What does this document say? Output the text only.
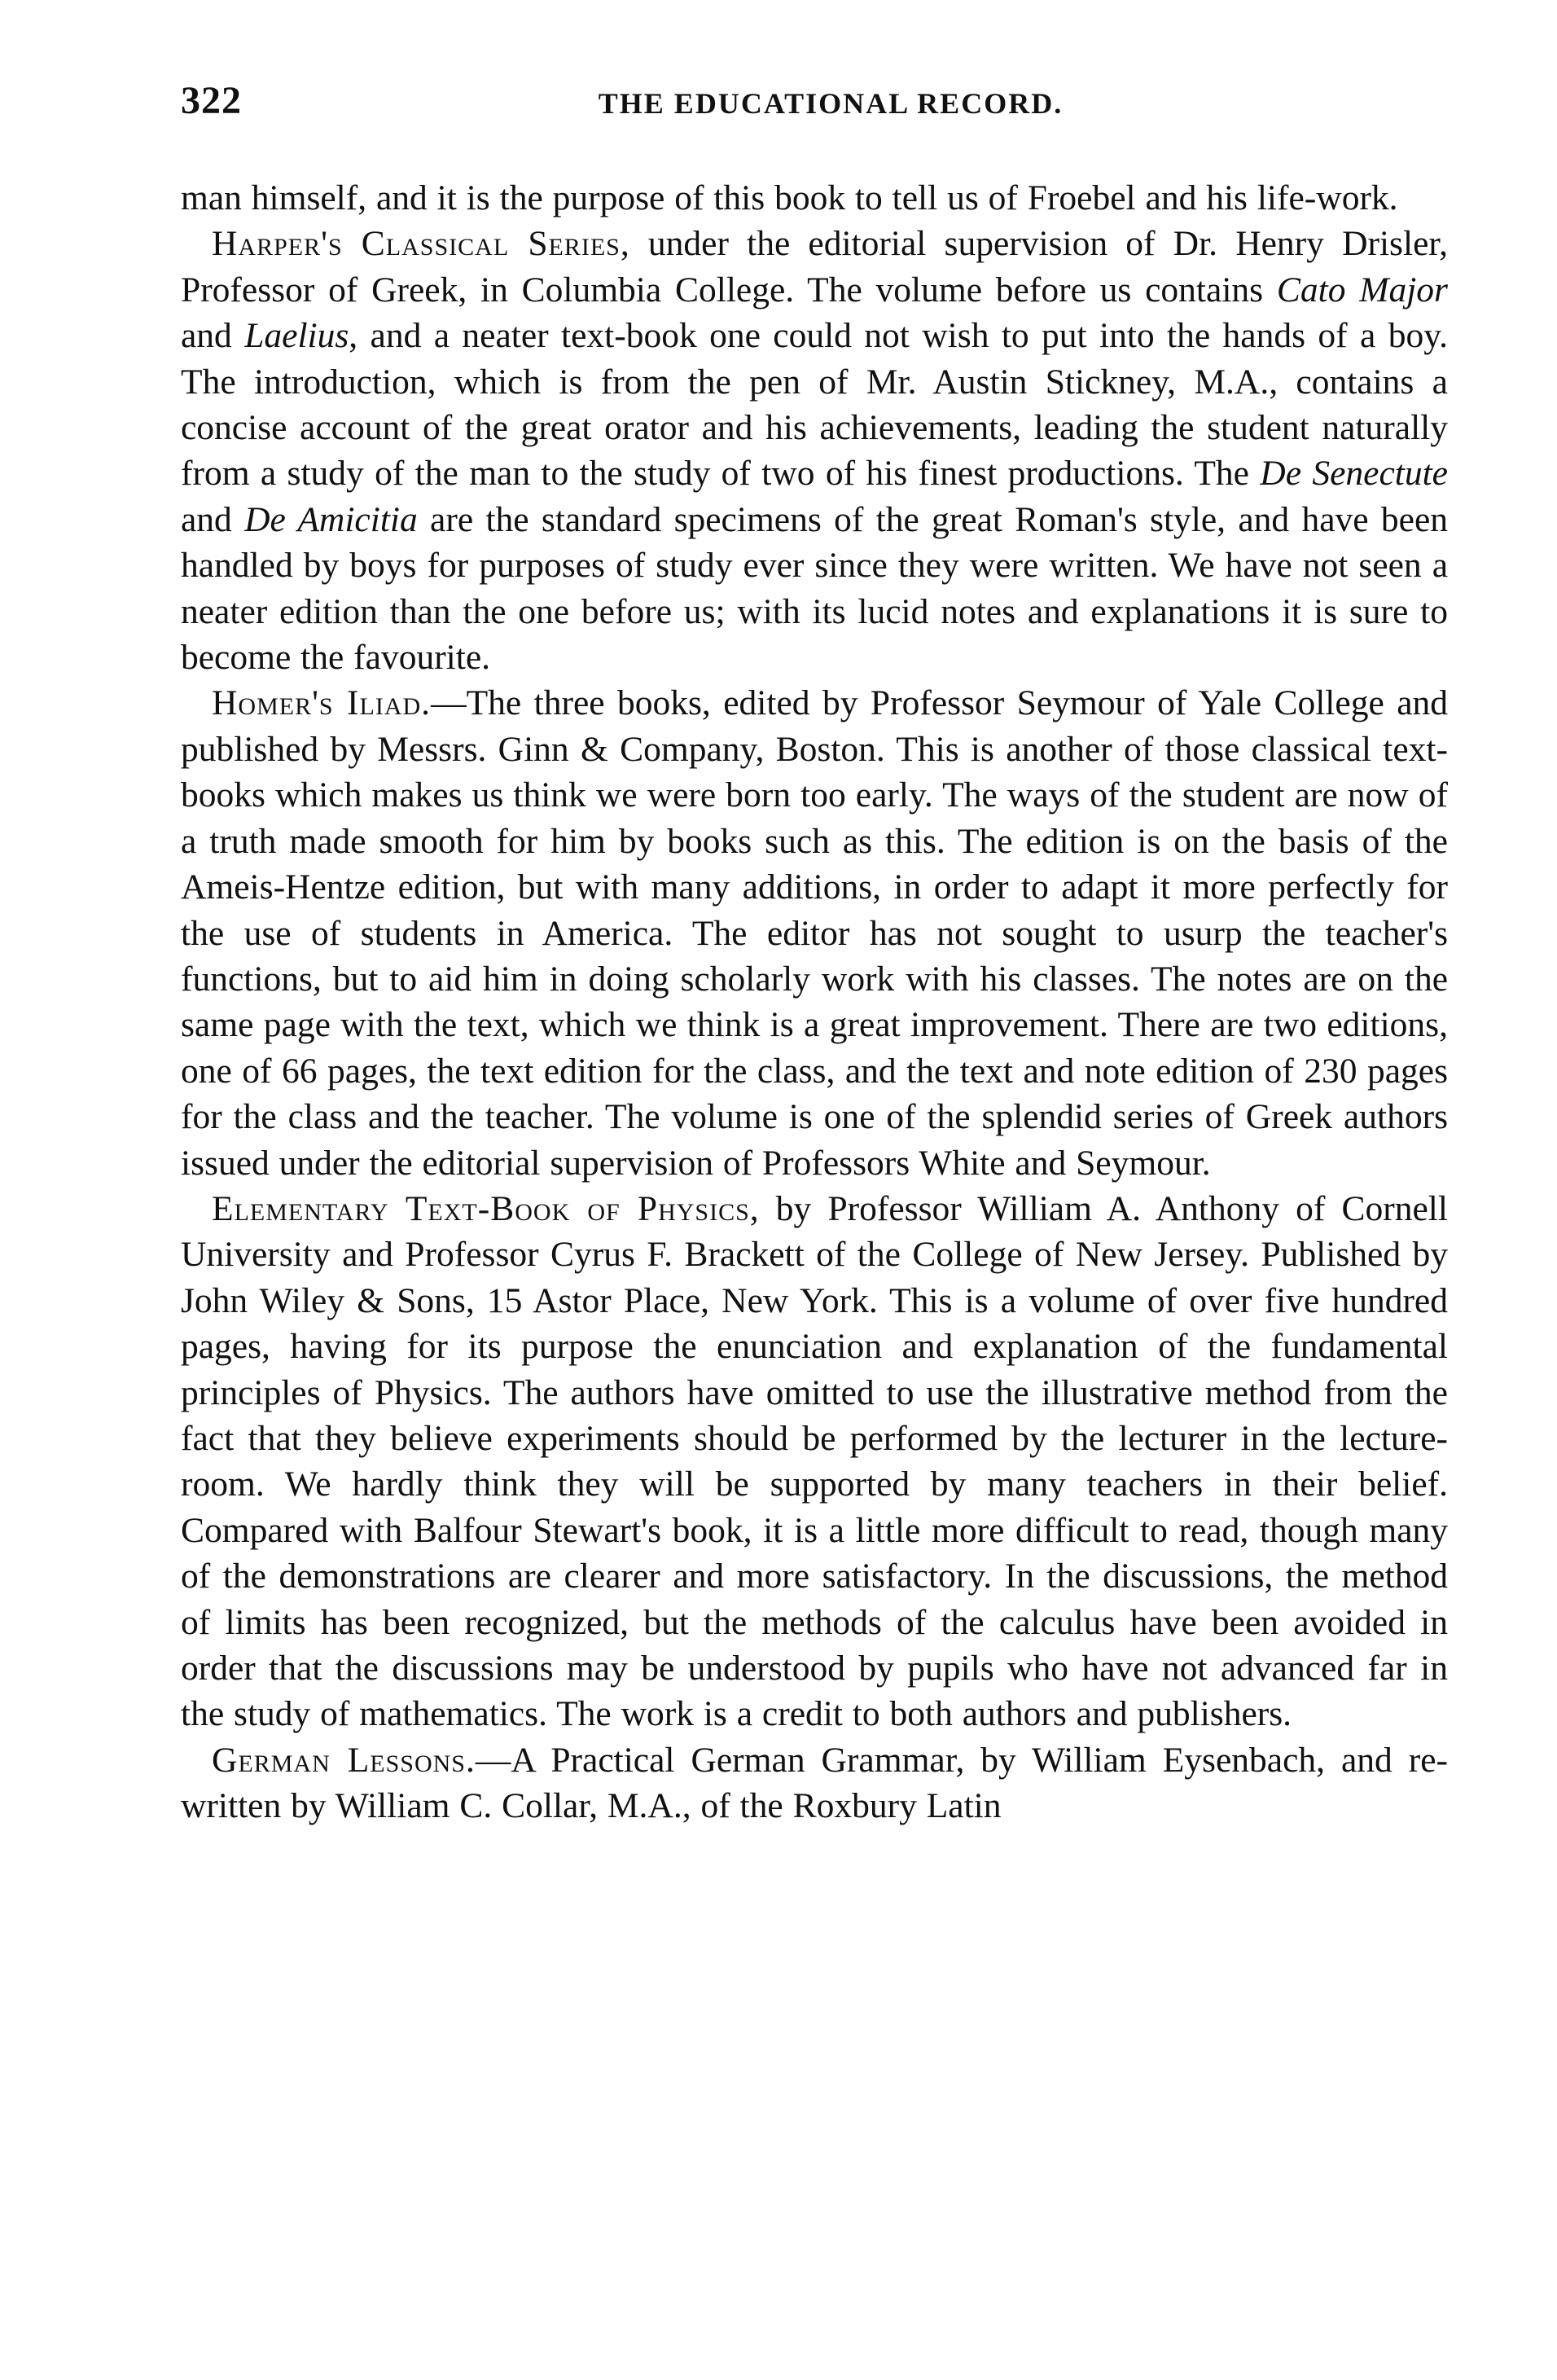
322	THE EDUCATIONAL RECORD.

man himself, and it is the purpose of this book to tell us of Froebel and his life-work.

Harper's Classical Series, under the editorial supervision of Dr. Henry Drisler, Professor of Greek, in Columbia College. The volume before us contains Cato Major and Laelius, and a neater text-book one could not wish to put into the hands of a boy. The introduction, which is from the pen of Mr. Austin Stickney, M.A., contains a concise account of the great orator and his achievements, leading the student naturally from a study of the man to the study of two of his finest productions. The De Senectute and De Amicitia are the standard specimens of the great Roman's style, and have been handled by boys for purposes of study ever since they were written. We have not seen a neater edition than the one before us; with its lucid notes and explanations it is sure to become the favourite.

Homer's Iliad.—The three books, edited by Professor Seymour of Yale College and published by Messrs. Ginn & Company, Boston. This is another of those classical text-books which makes us think we were born too early. The ways of the student are now of a truth made smooth for him by books such as this. The edition is on the basis of the Ameis-Hentze edition, but with many additions, in order to adapt it more perfectly for the use of students in America. The editor has not sought to usurp the teacher's functions, but to aid him in doing scholarly work with his classes. The notes are on the same page with the text, which we think is a great improvement. There are two editions, one of 66 pages, the text edition for the class, and the text and note edition of 230 pages for the class and the teacher. The volume is one of the splendid series of Greek authors issued under the editorial supervision of Professors White and Seymour.

Elementary Text-Book of Physics, by Professor William A. Anthony of Cornell University and Professor Cyrus F. Brackett of the College of New Jersey. Published by John Wiley & Sons, 15 Astor Place, New York. This is a volume of over five hundred pages, having for its purpose the enunciation and explanation of the fundamental principles of Physics. The authors have omitted to use the illustrative method from the fact that they believe experiments should be performed by the lecturer in the lecture-room. We hardly think they will be supported by many teachers in their belief. Compared with Balfour Stewart's book, it is a little more difficult to read, though many of the demonstrations are clearer and more satisfactory. In the discussions, the method of limits has been recognized, but the methods of the calculus have been avoided in order that the discussions may be understood by pupils who have not advanced far in the study of mathematics. The work is a credit to both authors and publishers.

German Lessons.—A Practical German Grammar, by William Eysenbach, and re-written by William C. Collar, M.A., of the Roxbury Latin
